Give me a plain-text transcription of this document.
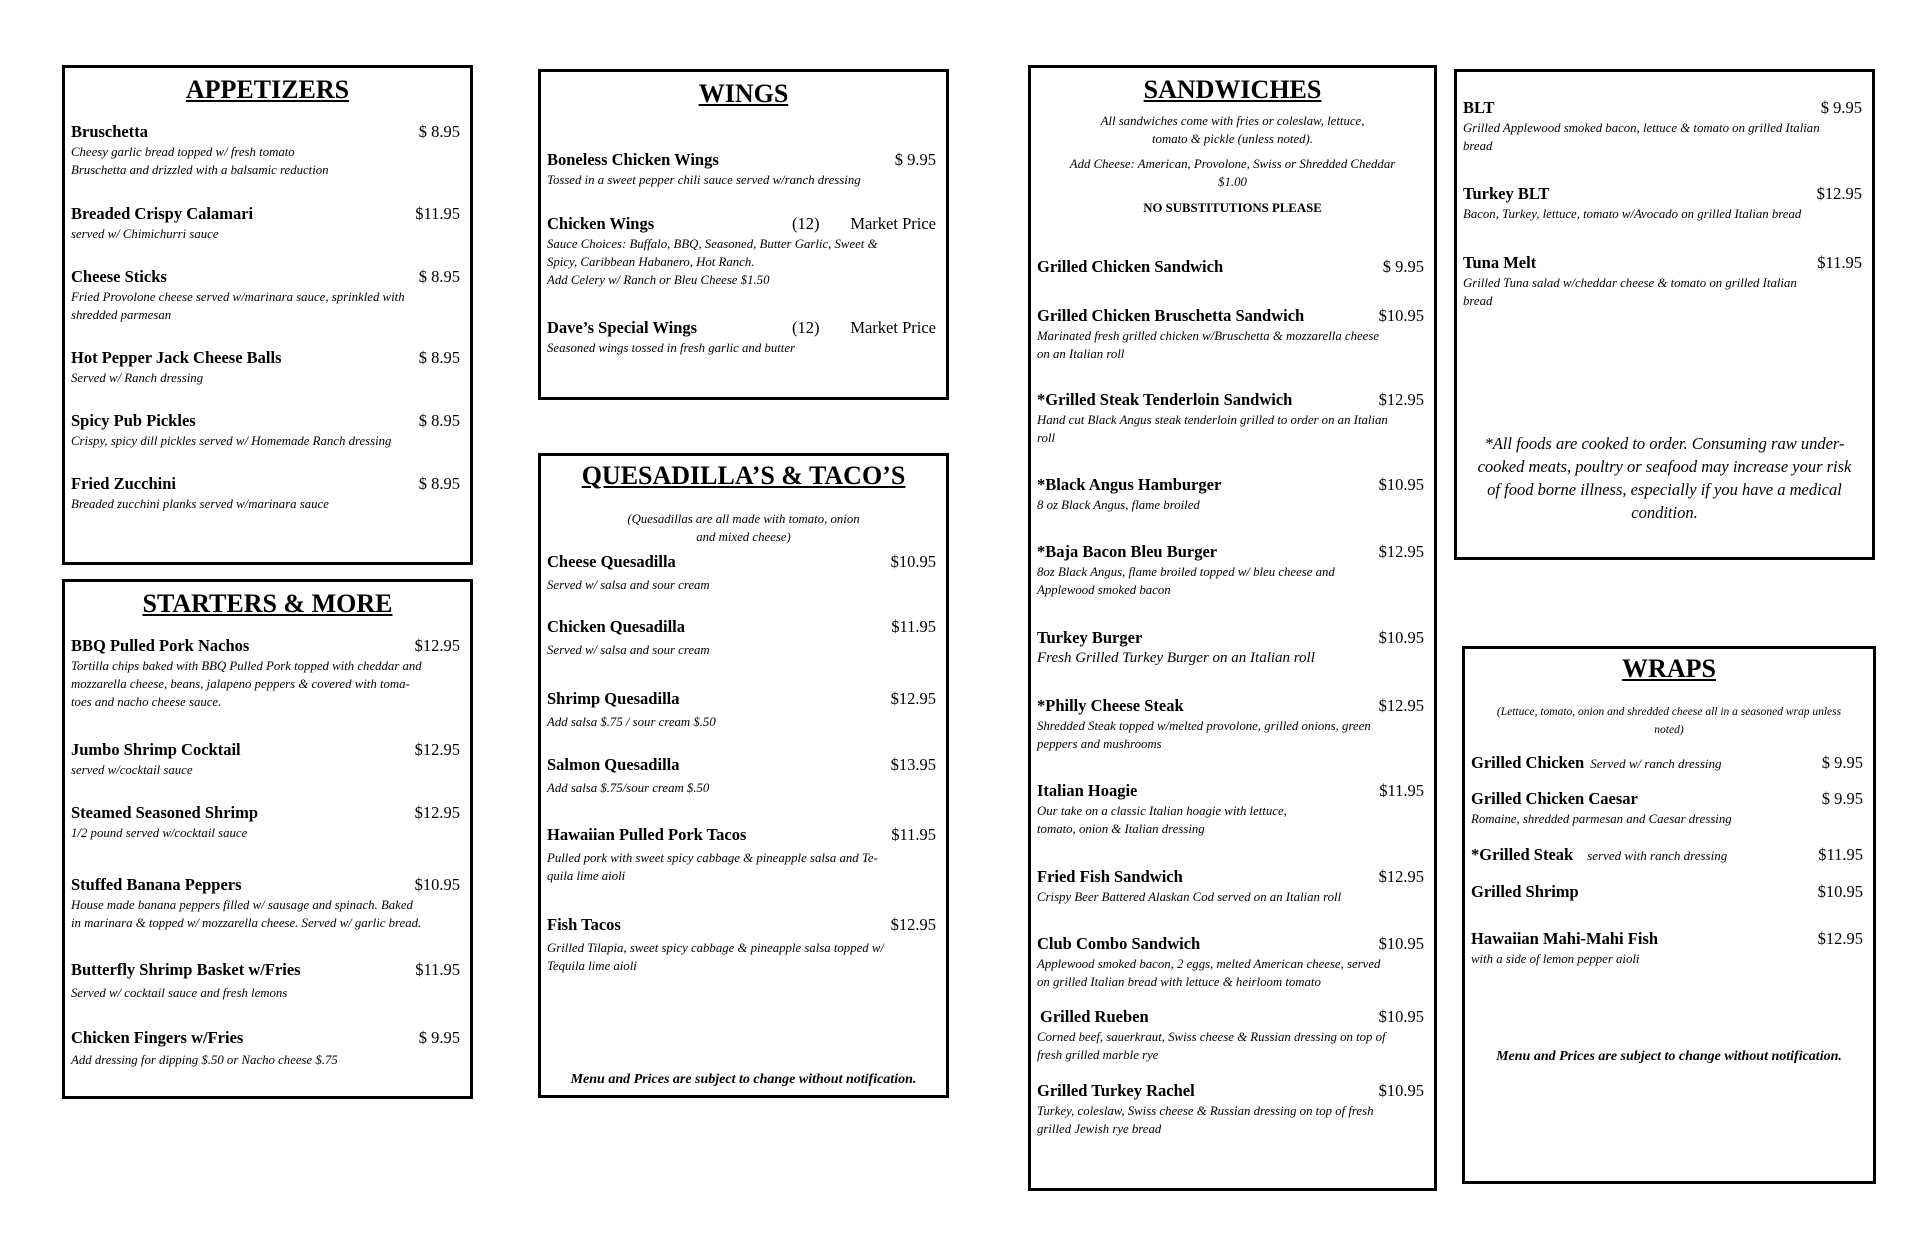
APPETIZERS
Bruschetta	$ 8.95
Cheesy garlic bread topped w/ fresh tomato
Bruschetta and drizzled with a balsamic reduction
Breaded Crispy Calamari	$11.95
served w/ Chimichurri sauce
Cheese Sticks	$ 8.95
Fried Provolone cheese served w/marinara sauce, sprinkled with
shredded parmesan
Hot Pepper Jack Cheese Balls	$ 8.95
Served w/ Ranch dressing
Spicy Pub Pickles	$ 8.95
Crispy, spicy dill pickles served w/ Homemade Ranch dressing
Fried Zucchini	$ 8.95
Breaded zucchini planks served w/marinara sauce
STARTERS & MORE
BBQ Pulled Pork Nachos	$12.95
Tortilla chips baked with BBQ Pulled Pork topped with cheddar and
mozzarella cheese, beans, jalapeno peppers & covered with toma-
toes and nacho cheese sauce.
Jumbo Shrimp Cocktail	$12.95
served w/cocktail sauce
Steamed Seasoned Shrimp	$12.95
1/2 pound served w/cocktail sauce
Stuffed Banana Peppers	$10.95
House made banana peppers filled w/ sausage and spinach. Baked
in marinara & topped w/ mozzarella cheese. Served w/ garlic bread.
Butterfly Shrimp Basket w/Fries	$11.95
Served w/ cocktail sauce and fresh lemons
Chicken Fingers w/Fries	$ 9.95
Add dressing for dipping $.50 or Nacho cheese $.75
WINGS
Boneless Chicken Wings	$ 9.95
Tossed in a sweet pepper chili sauce served w/ranch dressing
Chicken Wings	(12) Market Price
Sauce Choices: Buffalo, BBQ, Seasoned, Butter Garlic, Sweet &
Spicy, Caribbean Habanero, Hot Ranch.
Add Celery w/ Ranch or Bleu Cheese $1.50
Dave’s Special Wings	(12) Market Price
Seasoned wings tossed in fresh garlic and butter
QUESADILLA’S & TACO’S
(Quesadillas are all made with tomato, onion
and mixed cheese)
Cheese Quesadilla	$10.95
Served w/ salsa and sour cream
Chicken Quesadilla	$11.95
Served w/ salsa and sour cream
Shrimp Quesadilla	$12.95
Add salsa $.75 / sour cream $.50
Salmon Quesadilla	$13.95
Add salsa $.75/sour cream $.50
Hawaiian Pulled Pork Tacos	$11.95
Pulled pork with sweet spicy cabbage & pineapple salsa and Te-
quila lime aioli
Fish Tacos	$12.95
Grilled Tilapia, sweet spicy cabbage & pineapple salsa topped w/
Tequila lime aioli
Menu and Prices are subject to change without notification.
SANDWICHES
All sandwiches come with fries or coleslaw, lettuce,
tomato & pickle (unless noted).
Add Cheese: American, Provolone, Swiss or Shredded Cheddar
$1.00
NO SUBSTITUTIONS PLEASE
Grilled Chicken Sandwich	$ 9.95
Grilled Chicken Bruschetta Sandwich	$10.95
Marinated fresh grilled chicken w/Bruschetta & mozzarella cheese
on an Italian roll
*Grilled Steak Tenderloin Sandwich	$12.95
Hand cut Black Angus steak tenderloin grilled to order on an Italian
roll
*Black Angus Hamburger	$10.95
8 oz Black Angus, flame broiled
*Baja Bacon Bleu Burger	$12.95
8oz Black Angus, flame broiled topped w/ bleu cheese and
Applewood smoked bacon
Turkey Burger	$10.95
Fresh Grilled Turkey Burger on an Italian roll
*Philly Cheese Steak	$12.95
Shredded Steak topped w/melted provolone, grilled onions, green
peppers and mushrooms
Italian Hoagie	$11.95
Our take on a classic Italian hoagie with lettuce,
tomato, onion & Italian dressing
Fried Fish Sandwich	$12.95
Crispy Beer Battered Alaskan Cod served on an Italian roll
Club Combo Sandwich	$10.95
Applewood smoked bacon, 2 eggs, melted American cheese, served
on grilled Italian bread with lettuce & heirloom tomato
Grilled Rueben	$10.95
Corned beef, sauerkraut, Swiss cheese & Russian dressing on top of
fresh grilled marble rye
Grilled Turkey Rachel	$10.95
Turkey, coleslaw, Swiss cheese & Russian dressing on top of fresh
grilled Jewish rye bread
BLT	$ 9.95
Grilled Applewood smoked bacon, lettuce & tomato on grilled Italian
bread
Turkey BLT	$12.95
Bacon, Turkey, lettuce, tomato w/Avocado on grilled Italian bread
Tuna Melt	$11.95
Grilled Tuna salad w/cheddar cheese & tomato on grilled Italian
bread
*All foods are cooked to order. Consuming raw under-
cooked meats, poultry or seafood may increase your risk
of food borne illness, especially if you have a medical
condition.
WRAPS
(Lettuce, tomato, onion and shredded cheese all in a seasoned wrap unless
noted)
Grilled Chicken Served w/ ranch dressing	$ 9.95
Grilled Chicken Caesar	$ 9.95
Romaine, shredded parmesan and Caesar dressing
*Grilled Steak served with ranch dressing	$11.95
Grilled Shrimp	$10.95
Hawaiian Mahi-Mahi Fish	$12.95
with a side of lemon pepper aioli
Menu and Prices are subject to change without notification.
